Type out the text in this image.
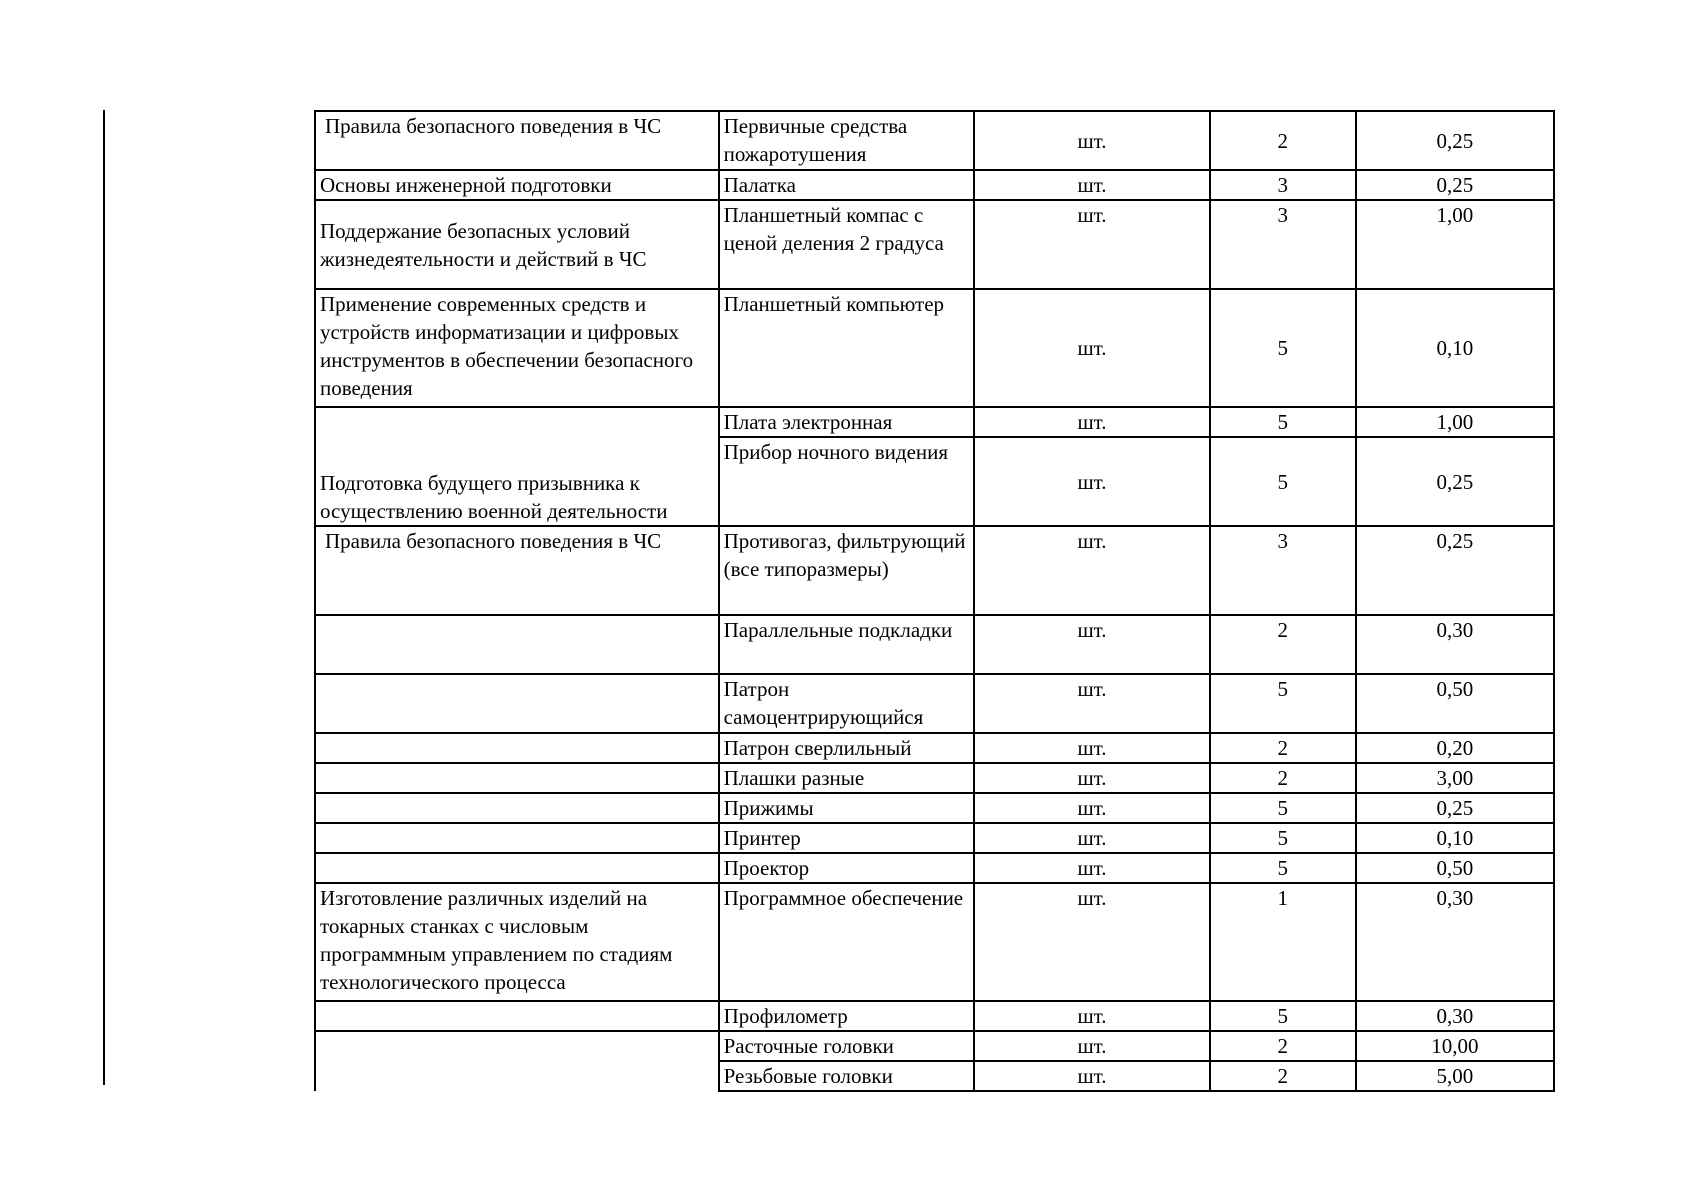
Правила безопасного поведения в ЧС	Первичные средства пожаротушения	шт.	2	0,25
Основы инженерной подготовки	Палатка	шт.	3	0,25
Поддержание безопасных условий жизнедеятельности и действий в ЧС	Планшетный компас с ценой деления 2 градуса	шт.	3	1,00
Применение современных средств и устройств информатизации и цифровых инструментов в обеспечении безопасного поведения	Планшетный компьютер	шт.	5	0,10
	Плата электронная	шт.	5	1,00
Подготовка будущего призывника к осуществлению военной деятельности	Прибор ночного видения	шт.	5	0,25
Правила безопасного поведения в ЧС	Противогаз, фильтрующий (все типоразмеры)	шт.	3	0,25
	Параллельные подкладки	шт.	2	0,30
	Патрон самоцентрирующийся	шт.	5	0,50
	Патрон сверлильный	шт.	2	0,20
	Плашки разные	шт.	2	3,00
	Прижимы	шт.	5	0,25
	Принтер	шт.	5	0,10
	Проектор	шт.	5	0,50
Изготовление различных изделий на токарных станках с числовым программным управлением по стадиям технологического процесса	Программное обеспечение	шт.	1	0,30
	Профилометр	шт.	5	0,30
	Расточные головки	шт.	2	10,00
	Резьбовые головки	шт.	2	5,00
